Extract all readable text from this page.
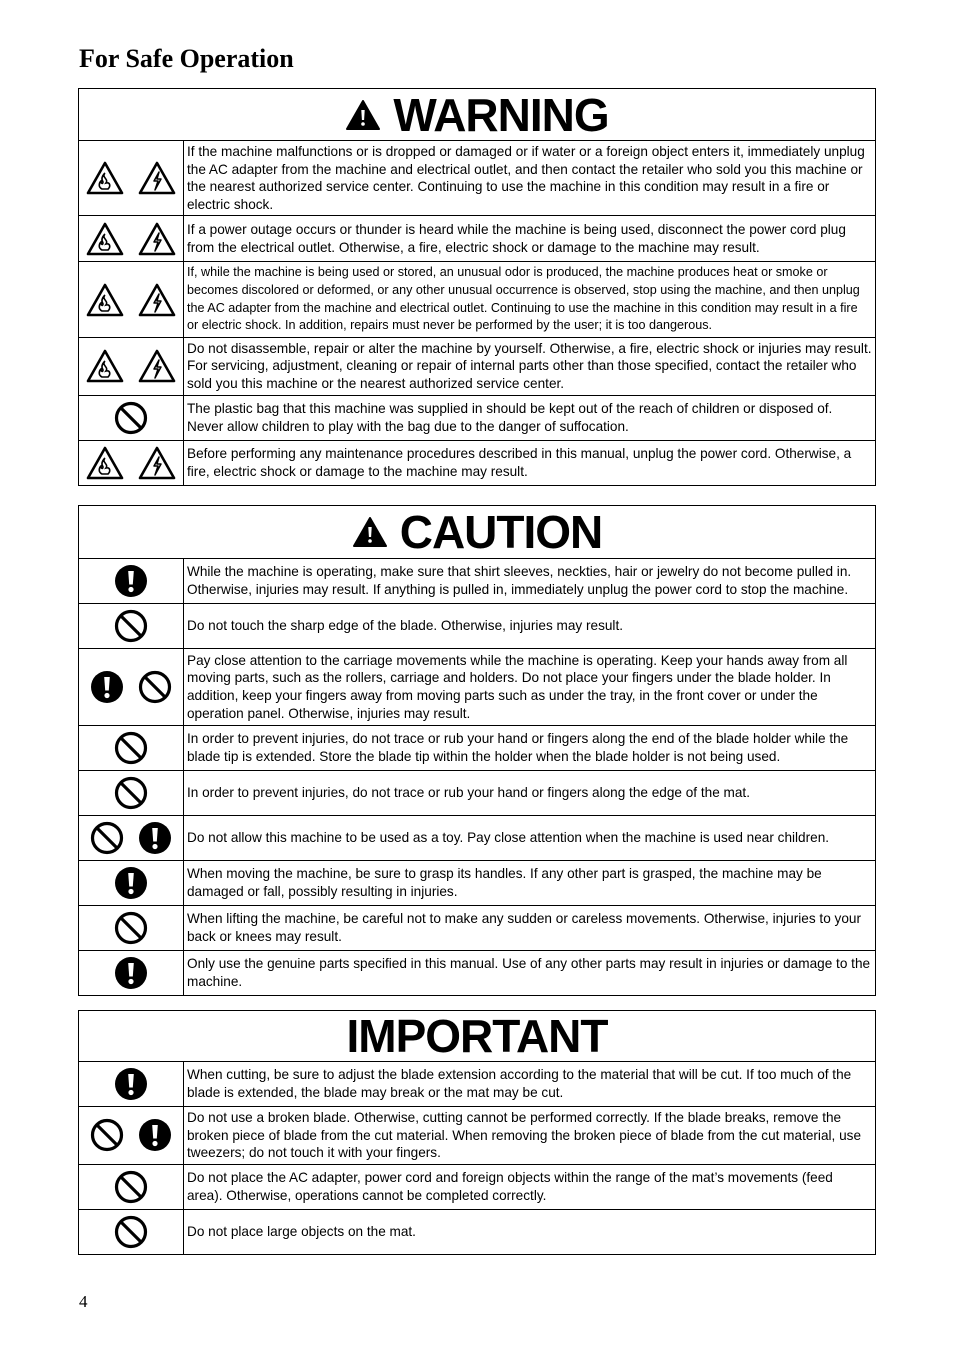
For Safe Operation
WARNING	

	If the machine malfunctions or is dropped or damaged or if water or a foreign object enters it, immediately unplug the AC adapter from the machine and electrical outlet, and then contact the retailer who sold you this machine or the nearest authorized service center. Continuing to use the machine in this condition may result in a fire or electric shock.

	If a power outage occurs or thunder is heard while the machine is being used, disconnect the power cord plug from the electrical outlet. Otherwise, a fire, electric shock or damage to the machine may result.

	If, while the machine is being used or stored, an unusual odor is produced, the machine produces heat or smoke or becomes discolored or deformed, or any other unusual occurrence is observed, stop using the machine, and then unplug the AC adapter from the machine and electrical outlet. Continuing to use the machine in this condition may result in a fire or electric shock. In addition, repairs must never be performed by the user; it is too dangerous.

	Do not disassemble, repair or alter the machine by yourself. Otherwise, a fire, electric shock or injuries may result. For servicing, adjustment, cleaning or repair of internal parts other than those specified, contact the retailer who sold you this machine or the nearest authorized service center.

	The plastic bag that this machine was supplied in should be kept out of the reach of children or disposed of. Never allow children to play with the bag due to the danger of suffocation.

	Before performing any maintenance procedures described in this manual, unplug the power cord. Otherwise, a fire, electric shock or damage to the machine may result.
CAUTION	

	While the machine is operating, make sure that shirt sleeves, neckties, hair or jewelry do not become pulled in. Otherwise, injuries may result. If anything is pulled in, immediately unplug the power cord to stop the machine.

	Do not touch the sharp edge of the blade. Otherwise, injuries may result.

	Pay close attention to the carriage movements while the machine is operating. Keep your hands away from all moving parts, such as the rollers, carriage and holders. Do not place your fingers under the blade holder. In addition, keep your fingers away from moving parts such as under the tray, in the front cover or under the operation panel. Otherwise, injuries may result.

	In order to prevent injuries, do not trace or rub your hand or fingers along the end of the blade holder while the blade tip is extended. Store the blade tip within the holder when the blade holder is not being used.

	In order to prevent injuries, do not trace or rub your hand or fingers along the edge of the mat.

	Do not allow this machine to be used as a toy. Pay close attention when the machine is used near children.

	When moving the machine, be sure to grasp its handles. If any other part is grasped, the machine may be damaged or fall, possibly resulting in injuries.

	When lifting the machine, be careful not to make any sudden or careless movements. Otherwise, injuries to your back or knees may result.

	Only use the genuine parts specified in this manual. Use of any other parts may result in injuries or damage to the machine.
IMPORTANT	

	When cutting, be sure to adjust the blade extension according to the material that will be cut. If too much of the blade is extended, the blade may break or the mat may be cut.

	Do not use a broken blade. Otherwise, cutting cannot be performed correctly. If the blade breaks, remove the broken piece of blade from the cut material. When removing the broken piece of blade from the cut material, use tweezers; do not touch it with your fingers.

	Do not place the AC adapter, power cord and foreign objects within the range of the mat’s movements (feed area). Otherwise, operations cannot be completed correctly.

	Do not place large objects on the mat.
4
